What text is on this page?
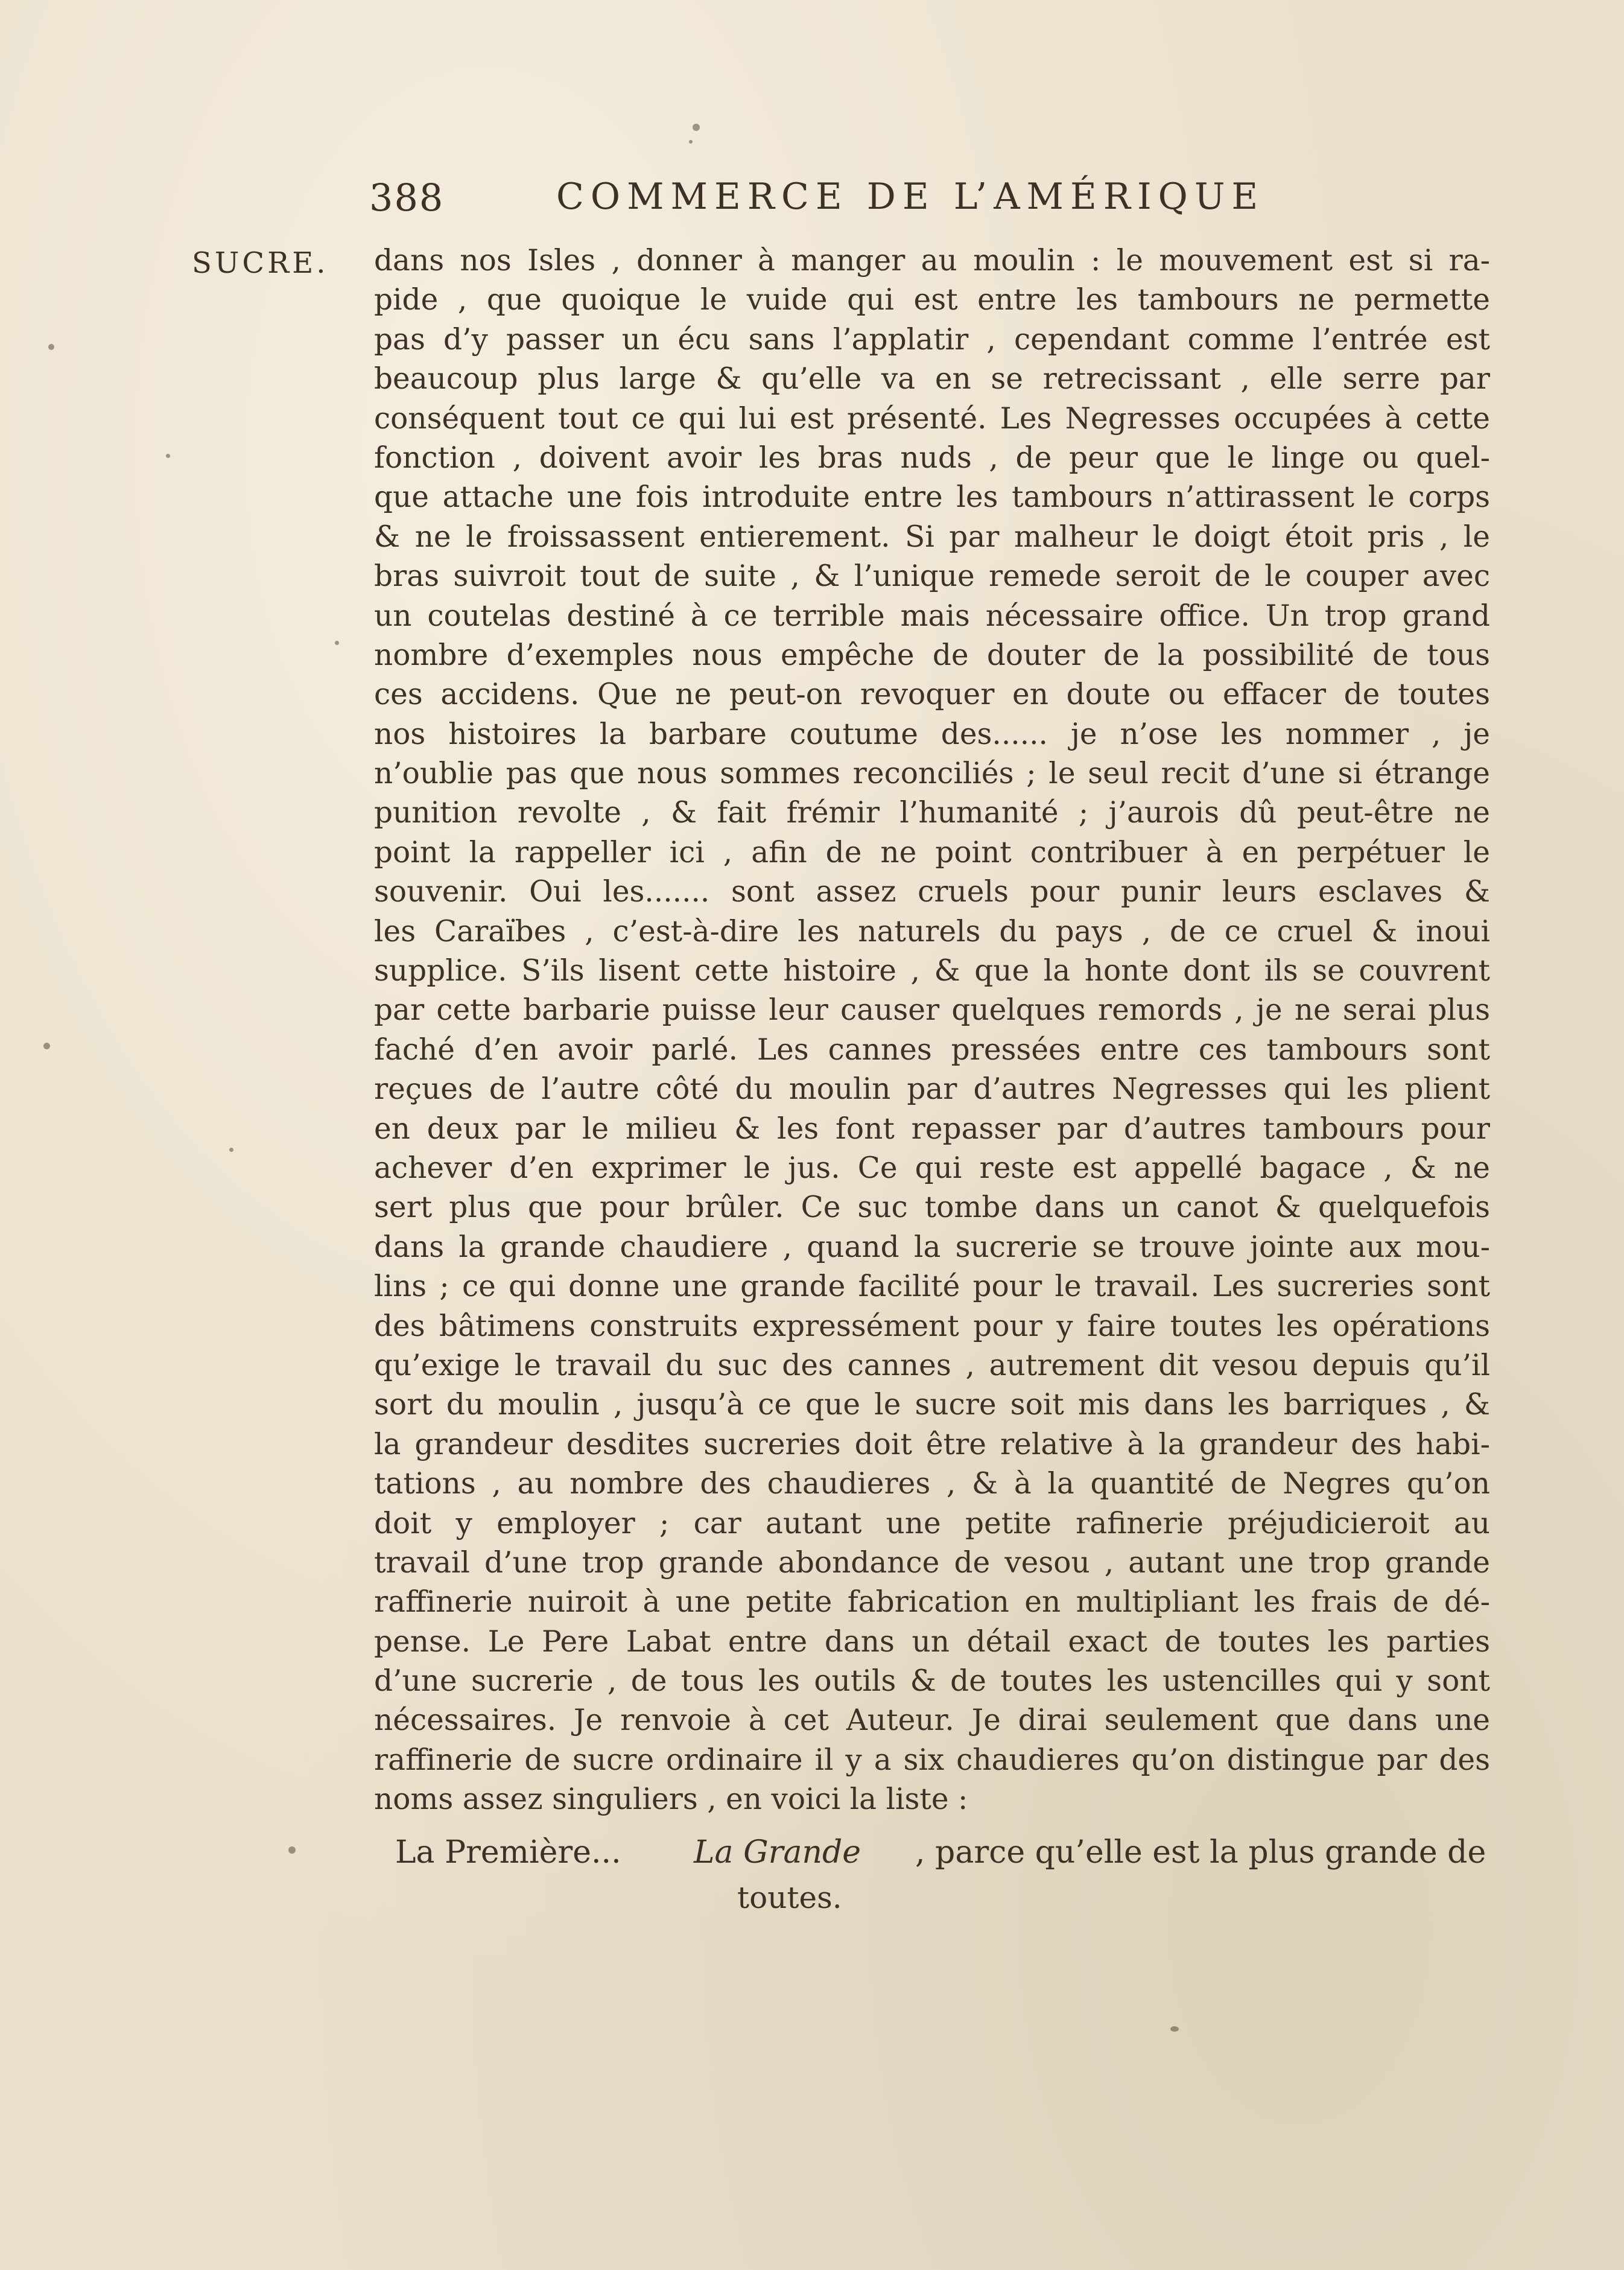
388	COMMERCE DE L’AMÉRIQUE
SUCRE. dans nos Isles , donner à manger au moulin : le mouvement est si ra-
pide , que quoique le vuide qui est entre les tambours ne permette
pas d’y passer un écu sans l’applatir , cependant comme l’entrée est
beaucoup plus large & qu’elle va en se retrecissant , elle serre par
conséquent tout ce qui lui est présenté. Les Negresses occupées à cette
fonction , doivent avoir les bras nuds , de peur que le linge ou quel-
que attache une fois introduite entre les tambours n’attirassent le corps
& ne le froissassent entierement. Si par malheur le doigt étoit pris , le
bras suivroit tout de suite , & l’unique remede seroit de le couper avec
un coutelas destiné à ce terrible mais nécessaire office. Un trop grand
nombre d’exemples nous empêche de douter de la possibilité de tous
ces accidens. Que ne peut-on revoquer en doute ou effacer de toutes
nos histoires la barbare coutume des...... je n’ose les nommer , je
n’oublie pas que nous sommes reconciliés ; le seul recit d’une si étrange
punition revolte , & fait frémir l’humanité ; j’aurois dû peut-être ne
point la rappeller ici , afin de ne point contribuer à en perpétuer le
souvenir. Oui les....... sont assez cruels pour punir leurs esclaves &
les Caraïbes , c’est-à-dire les naturels du pays , de ce cruel & inoui
supplice. S’ils lisent cette histoire , & que la honte dont ils se couvrent
par cette barbarie puisse leur causer quelques remords , je ne serai plus
faché d’en avoir parlé. Les cannes pressées entre ces tambours sont
reçues de l’autre côté du moulin par d’autres Negresses qui les plient
en deux par le milieu & les font repasser par d’autres tambours pour
achever d’en exprimer le jus. Ce qui reste est appellé bagace , & ne
sert plus que pour brûler. Ce suc tombe dans un canot & quelquefois
dans la grande chaudiere , quand la sucrerie se trouve jointe aux mou-
lins ; ce qui donne une grande facilité pour le travail. Les sucreries sont
des bâtimens construits expressément pour y faire toutes les opérations
qu’exige le travail du suc des cannes , autrement dit vesou depuis qu’il
sort du moulin , jusqu’à ce que le sucre soit mis dans les barriques , &
la grandeur desdites sucreries doit être relative à la grandeur des habi-
tations , au nombre des chaudieres , & à la quantité de Negres qu’on
doit y employer ; car autant une petite rafinerie préjudicieroit au
travail d’une trop grande abondance de vesou , autant une trop grande
raffinerie nuiroit à une petite fabrication en multipliant les frais de dé-
pense. Le Pere Labat entre dans un détail exact de toutes les parties
d’une sucrerie , de tous les outils & de toutes les ustencilles qui y sont
nécessaires. Je renvoie à cet Auteur. Je dirai seulement que dans une
raffinerie de sucre ordinaire il y a six chaudieres qu’on distingue par des
noms assez singuliers , en voici la liste :
La Première... La Grande , parce qu’elle est la plus grande de
toutes.
